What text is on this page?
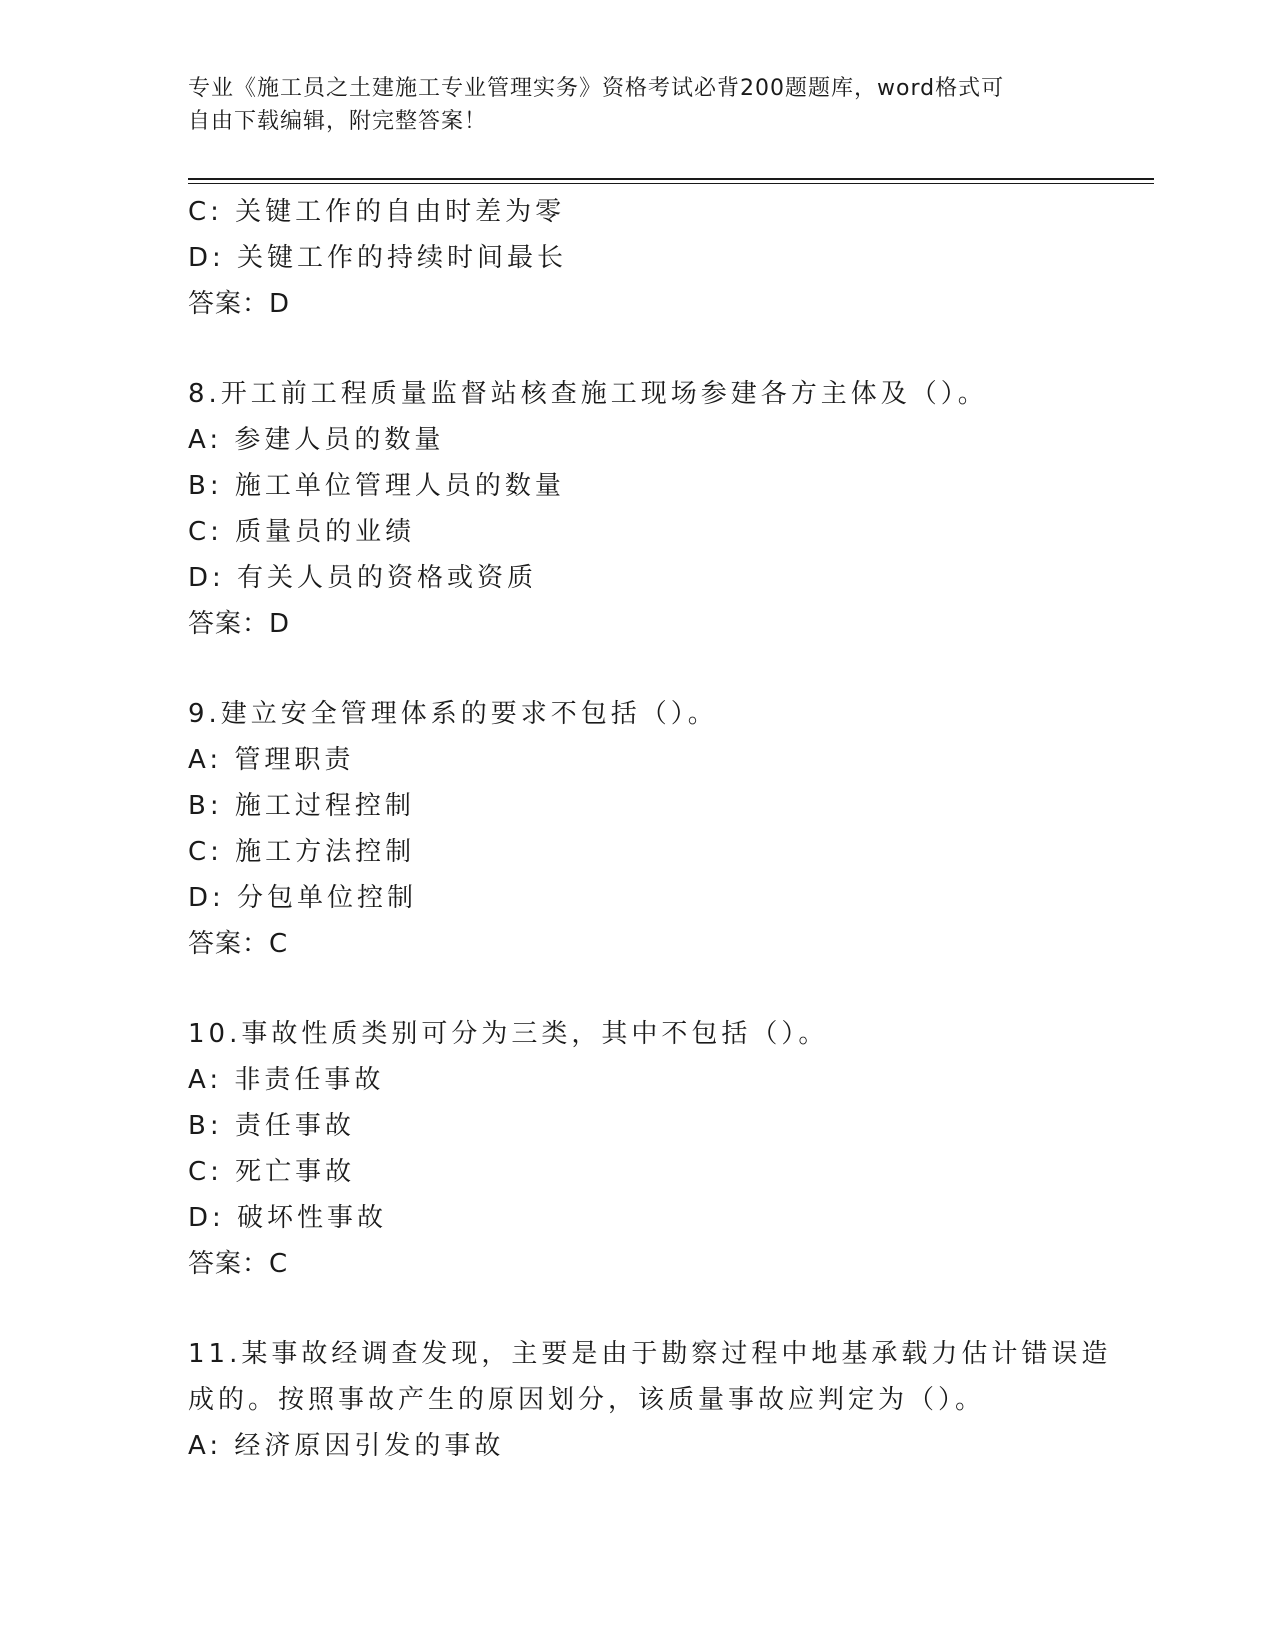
专业《施工员之土建施工专业管理实务》资格考试必背200题题库，word格式可
自由下载编辑，附完整答案！
C: 关键工作的自由时差为零
D: 关键工作的持续时间最长
答案：D
8.开工前工程质量监督站核查施工现场参建各方主体及（）。
A: 参建人员的数量
B: 施工单位管理人员的数量
C: 质量员的业绩
D: 有关人员的资格或资质
答案：D
9.建立安全管理体系的要求不包括（）。
A: 管理职责
B: 施工过程控制
C: 施工方法控制
D: 分包单位控制
答案：C
10.事故性质类别可分为三类，其中不包括（）。
A: 非责任事故
B: 责任事故
C: 死亡事故
D: 破坏性事故
答案：C
11.某事故经调查发现，主要是由于勘察过程中地基承载力估计错误造
成的。按照事故产生的原因划分，该质量事故应判定为（）。
A: 经济原因引发的事故
